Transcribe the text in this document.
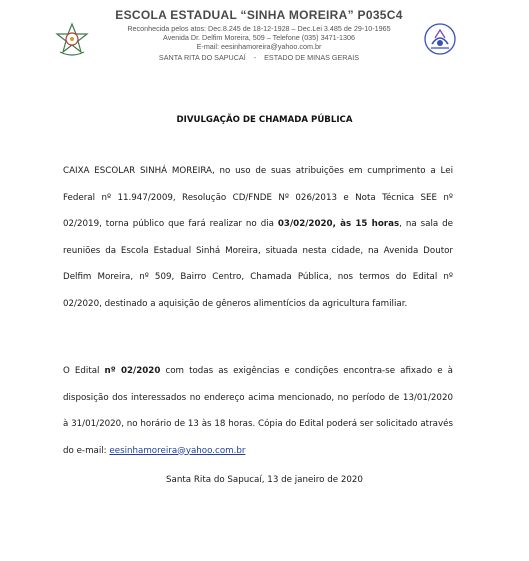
ESCOLA ESTADUAL “SINHA MOREIRA” P035C4
Reconhecida pelos atos: Dec.8.245 de 18-12-1928 – Dec.Lei 3.485 de 29-10-1965
Avenida Dr. Delfim Moreira, 509 – Telefone (035) 3471-1306
E-mail: eesinhamoreira@yahoo.com.br
SANTA RITA DO SAPUCAÍ - ESTADO DE MINAS GERAIS
DIVULGAÇÃO DE CHAMADA PÚBLICA
CAIXA ESCOLAR SINHÁ MOREIRA, no uso de suas atribuições em cumprimento a Lei Federal nº 11.947/2009, Resolução CD/FNDE Nº 026/2013 e Nota Técnica SEE nº 02/2019, torna público que fará realizar no dia 03/02/2020, às 15 horas, na sala de reuniões da Escola Estadual Sinhá Moreira, situada nesta cidade, na Avenida Doutor Delfim Moreira, nº 509, Bairro Centro, Chamada Pública, nos termos do Edital nº 02/2020, destinado a aquisição de gêneros alimentícios da agricultura familiar.
O Edital nº 02/2020 com todas as exigências e condições encontra-se afixado e à disposição dos interessados no endereço acima mencionado, no período de 13/01/2020 à 31/01/2020, no horário de 13 às 18 horas. Cópia do Edital poderá ser solicitado através do e-mail: eesinhamoreira@yahoo.com.br
Santa Rita do Sapucaí, 13 de janeiro de 2020
